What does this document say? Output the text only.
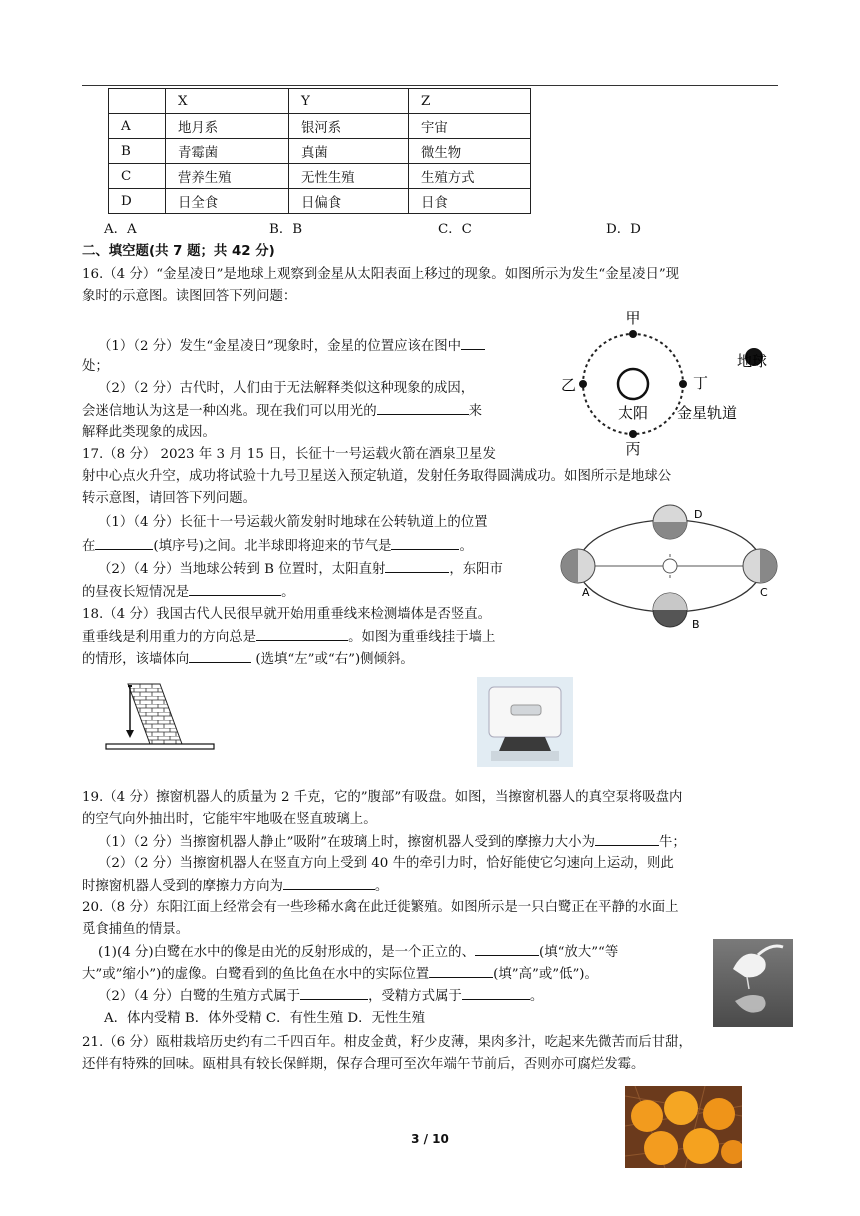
	X	Y	Z
A	地月系	银河系	宇宙
B	青霉菌	真菌	微生物
C	营养生殖	无性生殖	生殖方式
D	日全食	日偏食	日食
A．A	B．B	C．C	D．D
二、填空题(共 7 题；共 42 分)
16.（4 分）“金星凌日”是地球上观察到金星从太阳表面上移过的现象。如图所示为发生“金星凌日”现
象时的示意图。读图回答下列问题：
（1）（2 分）发生“金星凌日”现象时，金星的位置应该在图中
处；
（2）（2 分）古代时，人们由于无法解释类似这种现象的成因，
会迷信地认为这是一种凶兆。现在我们可以用光的	来
解释此类现象的成因。
甲
乙
丙
丁
太阳 金星轨道
地球
17.（8 分） 2023 年 3 月 15 日，长征十一号运载火箭在酒泉卫星发
射中心点火升空，成功将试验十九号卫星送入预定轨道，发射任务取得圆满成功。如图所示是地球公
转示意图，请回答下列问题。
（1）（4 分）长征十一号运载火箭发射时地球在公转轨道上的位置
在	(填序号)之间。北半球即将迎来的节气是	。
（2）（4 分）当地球公转到 B 位置时，太阳直射	，东阳市
的昼夜长短情况是	。	A
B
C
D
18.（4 分）我国古代人民很早就开始用重垂线来检测墙体是否竖直。
重垂线是利用重力的方向总是	。如图为重垂线挂于墙上
的情形，该墙体向	(选填“左”或“右”)侧倾斜。
19.（4 分）擦窗机器人的质量为 2 千克，它的”腹部”有吸盘。如图，当擦窗机器人的真空泵将吸盘内
的空气向外抽出时，它能牢牢地吸在竖直玻璃上。
（1）（2 分）当擦窗机器人静止”吸附”在玻璃上时，擦窗机器人受到的摩擦力大小为	牛；
（2）（2 分）当擦窗机器人在竖直方向上受到 40 牛的牵引力时，恰好能使它匀速向上运动，则此
时擦窗机器人受到的摩擦力方向为	。
20.（8 分）东阳江面上经常会有一些珍稀水禽在此迁徙繁殖。如图所示是一只白鹭正在平静的水面上
觅食捕鱼的情景。
(1)(4 分)白鹭在水中的像是由光的反射形成的，是一个正立的、	(填“放大”“等
大”或”缩小”)的虚像。白鹭看到的鱼比鱼在水中的实际位置	(填”高”或”低”)。
（2）（4 分）白鹭的生殖方式属于	，受精方式属于	。
A．体内受精 B．体外受精 C．有性生殖 D．无性生殖
21.（6 分）瓯柑栽培历史约有二千四百年。柑皮金黄，籽少皮薄，果肉多汁，吃起来先微苦而后甘甜，
还伴有特殊的回味。瓯柑具有较长保鲜期，保存合理可至次年端午节前后，否则亦可腐烂发霉。
3 / 10
